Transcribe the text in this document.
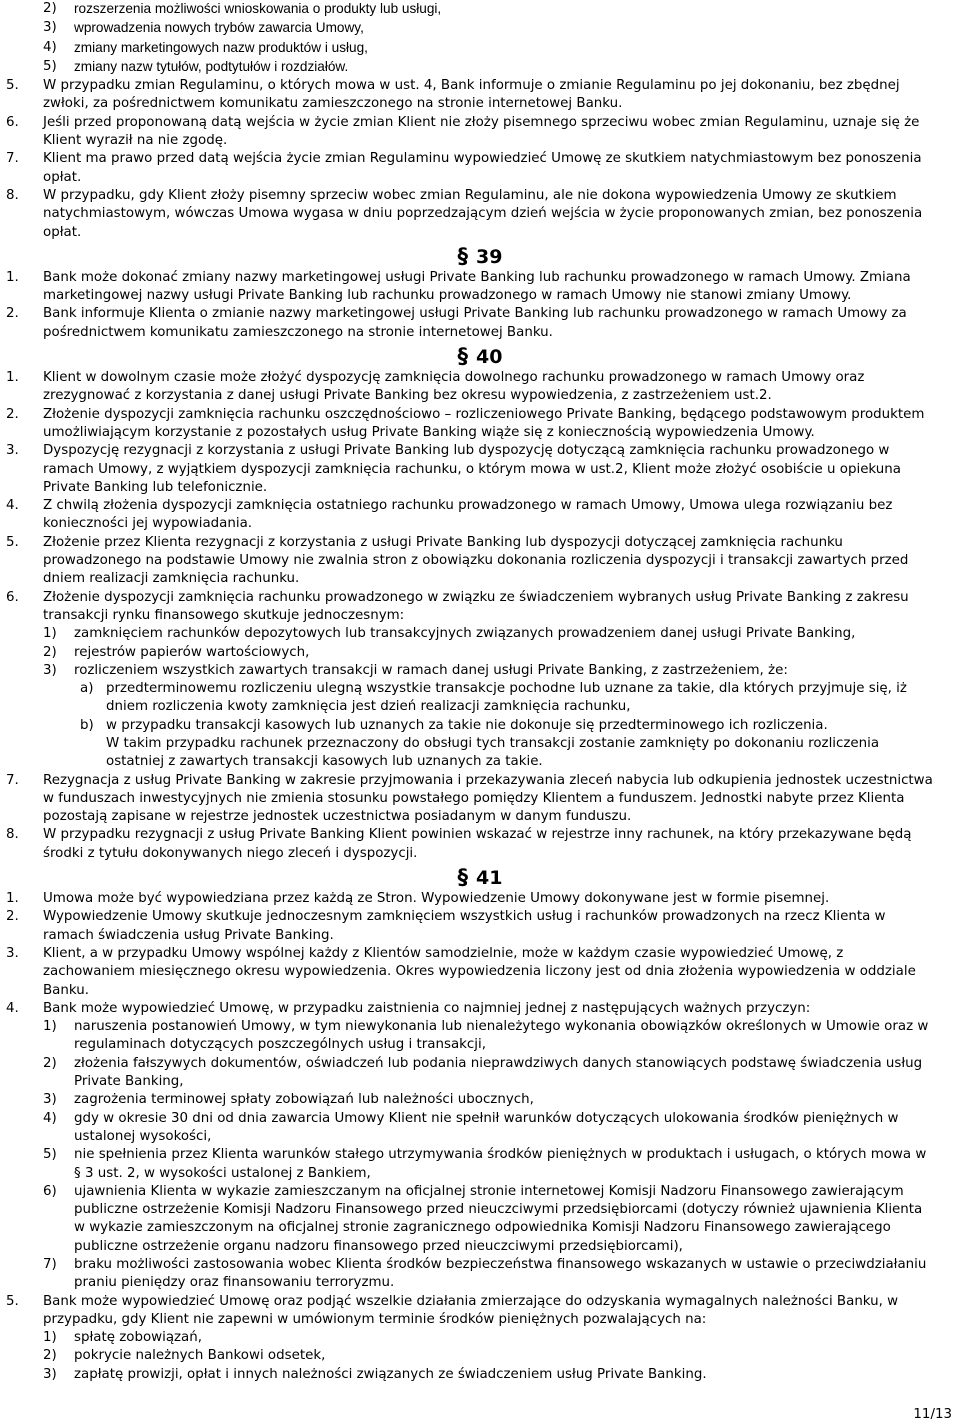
2) rozszerzenia możliwości wnioskowania o produkty lub usługi,
3) wprowadzenia nowych trybów zawarcia Umowy,
4) zmiany marketingowych nazw produktów i usług,
5) zmiany nazw tytułów, podtytułów i rozdziałów.
5. W przypadku zmian Regulaminu, o których mowa w ust. 4, Bank informuje o zmianie Regulaminu po jej dokonaniu, bez zbędnej zwłoki, za pośrednictwem komunikatu zamieszczonego na stronie internetowej Banku.
6. Jeśli przed proponowaną datą wejścia w życie zmian Klient nie złoży pisemnego sprzeciwu wobec zmian Regulaminu, uznaje się że Klient wyraził na nie zgodę.
7. Klient ma prawo przed datą wejścia życie zmian Regulaminu wypowiedzieć Umowę ze skutkiem natychmiastowym bez ponoszenia opłat.
8. W przypadku, gdy Klient złoży pisemny sprzeciw wobec zmian Regulaminu, ale nie dokona wypowiedzenia Umowy ze skutkiem natychmiastowym, wówczas Umowa wygasa w dniu poprzedzającym dzień wejścia w życie proponowanych zmian, bez ponoszenia opłat.
§ 39
1. Bank może dokonać zmiany nazwy marketingowej usługi Private Banking lub rachunku prowadzonego w ramach Umowy. Zmiana marketingowej nazwy usługi Private Banking lub rachunku prowadzonego w ramach Umowy nie stanowi zmiany Umowy.
2. Bank informuje Klienta o zmianie nazwy marketingowej usługi Private Banking lub rachunku prowadzonego w ramach Umowy za pośrednictwem komunikatu zamieszczonego na stronie internetowej Banku.
§ 40
1. Klient w dowolnym czasie może złożyć dyspozycję zamknięcia dowolnego rachunku prowadzonego w ramach Umowy oraz zrezygnować z korzystania z danej usługi Private Banking bez okresu wypowiedzenia, z zastrzeżeniem ust.2.
2. Złożenie dyspozycji zamknięcia rachunku oszczędnościowo – rozliczeniowego Private Banking, będącego podstawowym produktem umożliwiającym korzystanie z pozostałych usług Private Banking wiąże się z koniecznością wypowiedzenia Umowy.
3. Dyspozycję rezygnacji z korzystania z usługi Private Banking lub dyspozycję dotyczącą zamknięcia rachunku prowadzonego w ramach Umowy, z wyjątkiem dyspozycji zamknięcia rachunku, o którym mowa w ust.2, Klient może złożyć osobiście u opiekuna Private Banking lub telefonicznie.
4. Z chwilą złożenia dyspozycji zamknięcia ostatniego rachunku prowadzonego w ramach Umowy, Umowa ulega rozwiązaniu bez konieczności jej wypowiadania.
5. Złożenie przez Klienta rezygnacji z korzystania z usługi Private Banking lub dyspozycji dotyczącej zamknięcia rachunku prowadzonego na podstawie Umowy nie zwalnia stron z obowiązku dokonania rozliczenia dyspozycji i transakcji zawartych przed dniem realizacji zamknięcia rachunku.
6. Złożenie dyspozycji zamknięcia rachunku prowadzonego w związku ze świadczeniem wybranych usług Private Banking z zakresu transakcji rynku finansowego skutkuje jednoczesnym:
1) zamknięciem rachunków depozytowych lub transakcyjnych związanych prowadzeniem danej usługi Private Banking,
2) rejestrów papierów wartościowych,
3) rozliczeniem wszystkich zawartych transakcji w ramach danej usługi Private Banking, z zastrzeżeniem, że:
a) przedterminowemu rozliczeniu ulegną wszystkie transakcje pochodne lub uznane za takie, dla których przyjmuje się, iż dniem rozliczenia kwoty zamknięcia jest dzień realizacji zamknięcia rachunku,
b) w przypadku transakcji kasowych lub uznanych za takie nie dokonuje się przedterminowego ich rozliczenia.
W takim przypadku rachunek przeznaczony do obsługi tych transakcji zostanie zamknięty po dokonaniu rozliczenia ostatniej z zawartych transakcji kasowych lub uznanych za takie.
7. Rezygnacja z usług Private Banking w zakresie przyjmowania i przekazywania zleceń nabycia lub odkupienia jednostek uczestnictwa w funduszach inwestycyjnych nie zmienia stosunku powstałego pomiędzy Klientem a funduszem. Jednostki nabyte przez Klienta pozostają zapisane w rejestrze jednostek uczestnictwa posiadanym w danym funduszu.
8. W przypadku rezygnacji z usług Private Banking Klient powinien wskazać w rejestrze inny rachunek, na który przekazywane będą środki z tytułu dokonywanych niego zleceń i dyspozycji.
§ 41
1. Umowa może być wypowiedziana przez każdą ze Stron. Wypowiedzenie Umowy dokonywane jest w formie pisemnej.
2. Wypowiedzenie Umowy skutkuje jednoczesnym zamknięciem wszystkich usług i rachunków prowadzonych na rzecz Klienta w ramach świadczenia usług Private Banking.
3. Klient, a w przypadku Umowy wspólnej każdy z Klientów samodzielnie, może w każdym czasie wypowiedzieć Umowę, z zachowaniem miesięcznego okresu wypowiedzenia. Okres wypowiedzenia liczony jest od dnia złożenia wypowiedzenia w oddziale Banku.
4. Bank może wypowiedzieć Umowę, w przypadku zaistnienia co najmniej jednej z następujących ważnych przyczyn:
1) naruszenia postanowień Umowy, w tym niewykonania lub nienależytego wykonania obowiązków określonych w Umowie oraz w regulaminach dotyczących poszczególnych usług i transakcji,
2) złożenia fałszywych dokumentów, oświadczeń lub podania nieprawdziwych danych stanowiących podstawę świadczenia usług Private Banking,
3) zagrożenia terminowej spłaty zobowiązań lub należności ubocznych,
4) gdy w okresie 30 dni od dnia zawarcia Umowy Klient nie spełnił warunków dotyczących ulokowania środków pieniężnych w ustalonej wysokości,
5) nie spełnienia przez Klienta warunków stałego utrzymywania środków pieniężnych w produktach i usługach, o których mowa w § 3 ust. 2, w wysokości ustalonej z Bankiem,
6) ujawnienia Klienta w wykazie zamieszczanym na oficjalnej stronie internetowej Komisji Nadzoru Finansowego zawierającym publiczne ostrzeżenie Komisji Nadzoru Finansowego przed nieuczciwymi przedsiębiorcami (dotyczy również ujawnienia Klienta w wykazie zamieszczonym na oficjalnej stronie zagranicznego odpowiednika Komisji Nadzoru Finansowego zawierającego publiczne ostrzeżenie organu nadzoru finansowego przed nieuczciwymi przedsiębiorcami),
7) braku możliwości zastosowania wobec Klienta środków bezpieczeństwa finansowego wskazanych w ustawie o przeciwdziałaniu praniu pieniędzy oraz finansowaniu terroryzmu.
5. Bank może wypowiedzieć Umowę oraz podjąć wszelkie działania zmierzające do odzyskania wymagalnych należności Banku, w przypadku, gdy Klient nie zapewni w umówionym terminie środków pieniężnych pozwalających na:
1) spłatę zobowiązań,
2) pokrycie należnych Bankowi odsetek,
3) zapłatę prowizji, opłat i innych należności związanych ze świadczeniem usług Private Banking.
11/13
